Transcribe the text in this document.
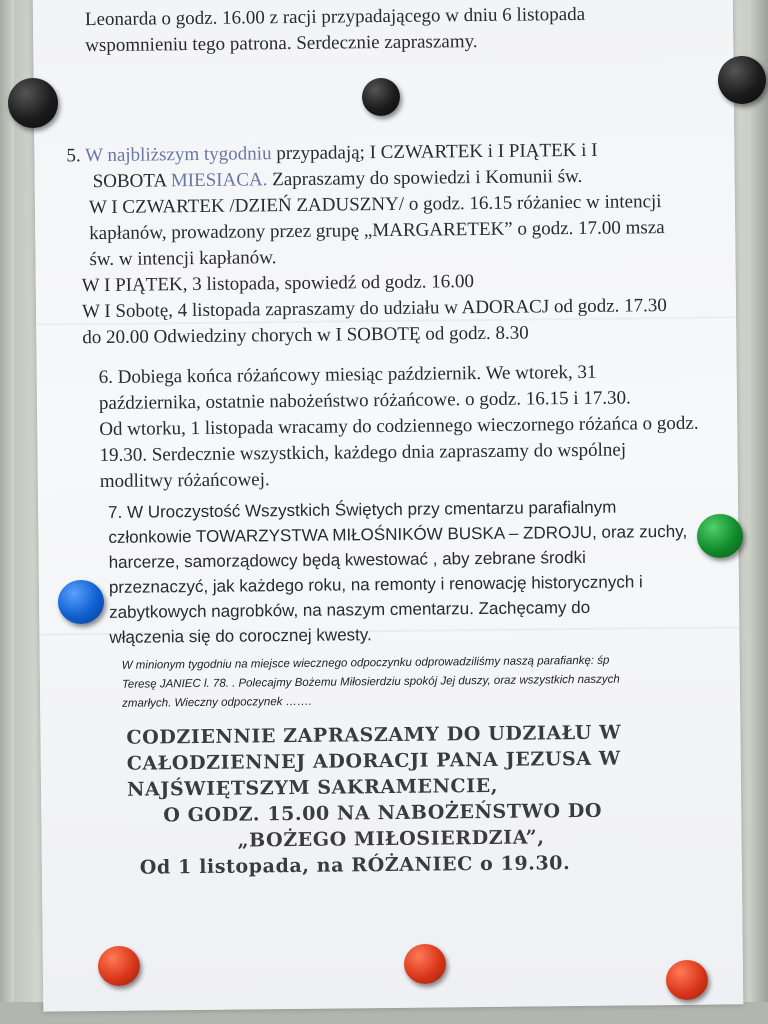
Leonarda o godz. 16.00 z racji przypadającego w dniu 6 listopada
wspomnieniu tego patrona. Serdecznie zapraszamy.
5. W najbliższym tygodniu przypadają; I CZWARTEK i I PIĄTEK i I
SOBOTA MIESIACA. Zapraszamy do spowiedzi i Komunii św.
W I CZWARTEK /DZIEŃ ZADUSZNY/ o godz. 16.15 różaniec w intencji
kapłanów, prowadzony przez grupę „MARGARETEK” o godz. 17.00 msza
św. w intencji kapłanów.
W I PIĄTEK, 3 listopada, spowiedź od godz. 16.00
W I Sobotę, 4 listopada zapraszamy do udziału w ADORACJ od godz. 17.30
do 20.00 Odwiedziny chorych w I SOBOTĘ od godz. 8.30
6. Dobiega końca różańcowy miesiąc październik. We wtorek, 31
października, ostatnie nabożeństwo różańcowe. o godz. 16.15 i 17.30.
Od wtorku, 1 listopada wracamy do codziennego wieczornego różańca o godz.
19.30. Serdecznie wszystkich, każdego dnia zapraszamy do wspólnej
modlitwy różańcowej.
7. W Uroczystość Wszystkich Świętych przy cmentarzu parafialnym
członkowie TOWARZYSTWA MIŁOŚNIKÓW BUSKA – ZDROJU, oraz zuchy,
harcerze, samorządowcy będą kwestować , aby zebrane środki
przeznaczyć, jak każdego roku, na remonty i renowację historycznych i
zabytkowych nagrobków, na naszym cmentarzu. Zachęcamy do
włączenia się do corocznej kwesty.
W minionym tygodniu na miejsce wiecznego odpoczynku odprowadziliśmy naszą parafiankę: śp
Teresę JANIEC l. 78. . Polecajmy Bożemu Miłosierdziu spokój Jej duszy, oraz wszystkich naszych
zmarłych. Wieczny odpoczynek …….
CODZIENNIE ZAPRASZAMY DO UDZIAŁU W
CAŁODZIENNEJ ADORACJI PANA JEZUSA W
NAJŚWIĘTSZYM SAKRAMENCIE,
O GODZ. 15.00 NA NABOŻEŃSTWO DO
„BOŻEGO MIŁOSIERDZIA”,
Od 1 listopada, na RÓŻANIEC o 19.30.
